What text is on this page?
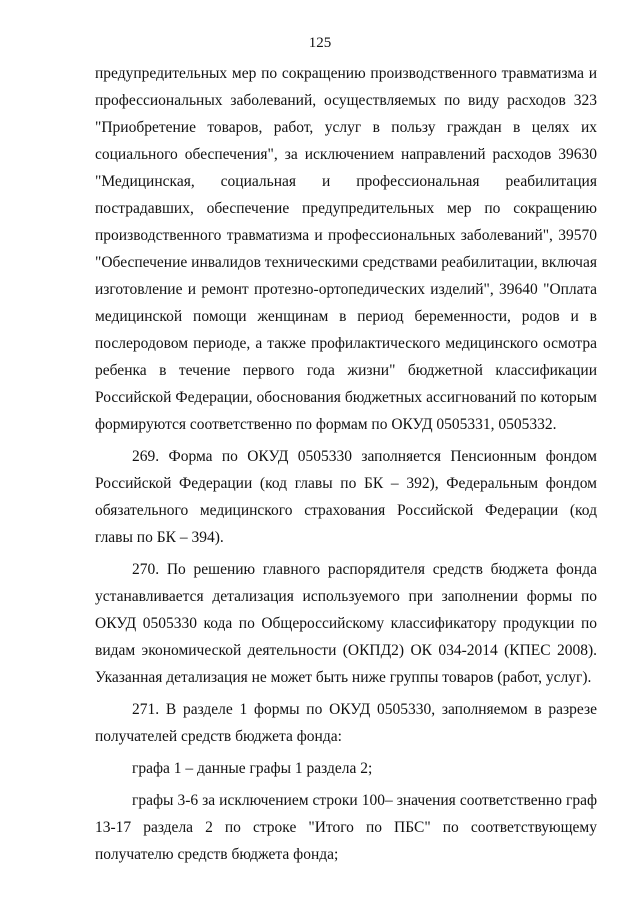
125

предупредительных мер по сокращению производственного травматизма и профессиональных заболеваний, осуществляемых по виду расходов 323 "Приобретение товаров, работ, услуг в пользу граждан в целях их социального обеспечения", за исключением направлений расходов 39630 "Медицинская, социальная и профессиональная реабилитация пострадавших, обеспечение предупредительных мер по сокращению производственного травматизма и профессиональных заболеваний", 39570 "Обеспечение инвалидов техническими средствами реабилитации, включая изготовление и ремонт протезно-ортопедических изделий", 39640 "Оплата медицинской помощи женщинам в период беременности, родов и в послеродовом периоде, а также профилактического медицинского осмотра ребенка в течение первого года жизни" бюджетной классификации Российской Федерации, обоснования бюджетных ассигнований по которым формируются соответственно по формам по ОКУД 0505331, 0505332.

269. Форма по ОКУД 0505330 заполняется Пенсионным фондом Российской Федерации (код главы по БК – 392), Федеральным фондом обязательного медицинского страхования Российской Федерации (код главы по БК – 394).

270. По решению главного распорядителя средств бюджета фонда устанавливается детализация используемого при заполнении формы по ОКУД 0505330 кода по Общероссийскому классификатору продукции по видам экономической деятельности (ОКПД2) ОК 034-2014 (КПЕС 2008). Указанная детализация не может быть ниже группы товаров (работ, услуг).

271. В разделе 1 формы по ОКУД 0505330, заполняемом в разрезе получателей средств бюджета фонда:

графа 1 – данные графы 1 раздела 2;

графы 3-6 за исключением строки 100– значения соответственно граф 13-17 раздела 2 по строке "Итого по ПБС" по соответствующему получателю средств бюджета фонда;
